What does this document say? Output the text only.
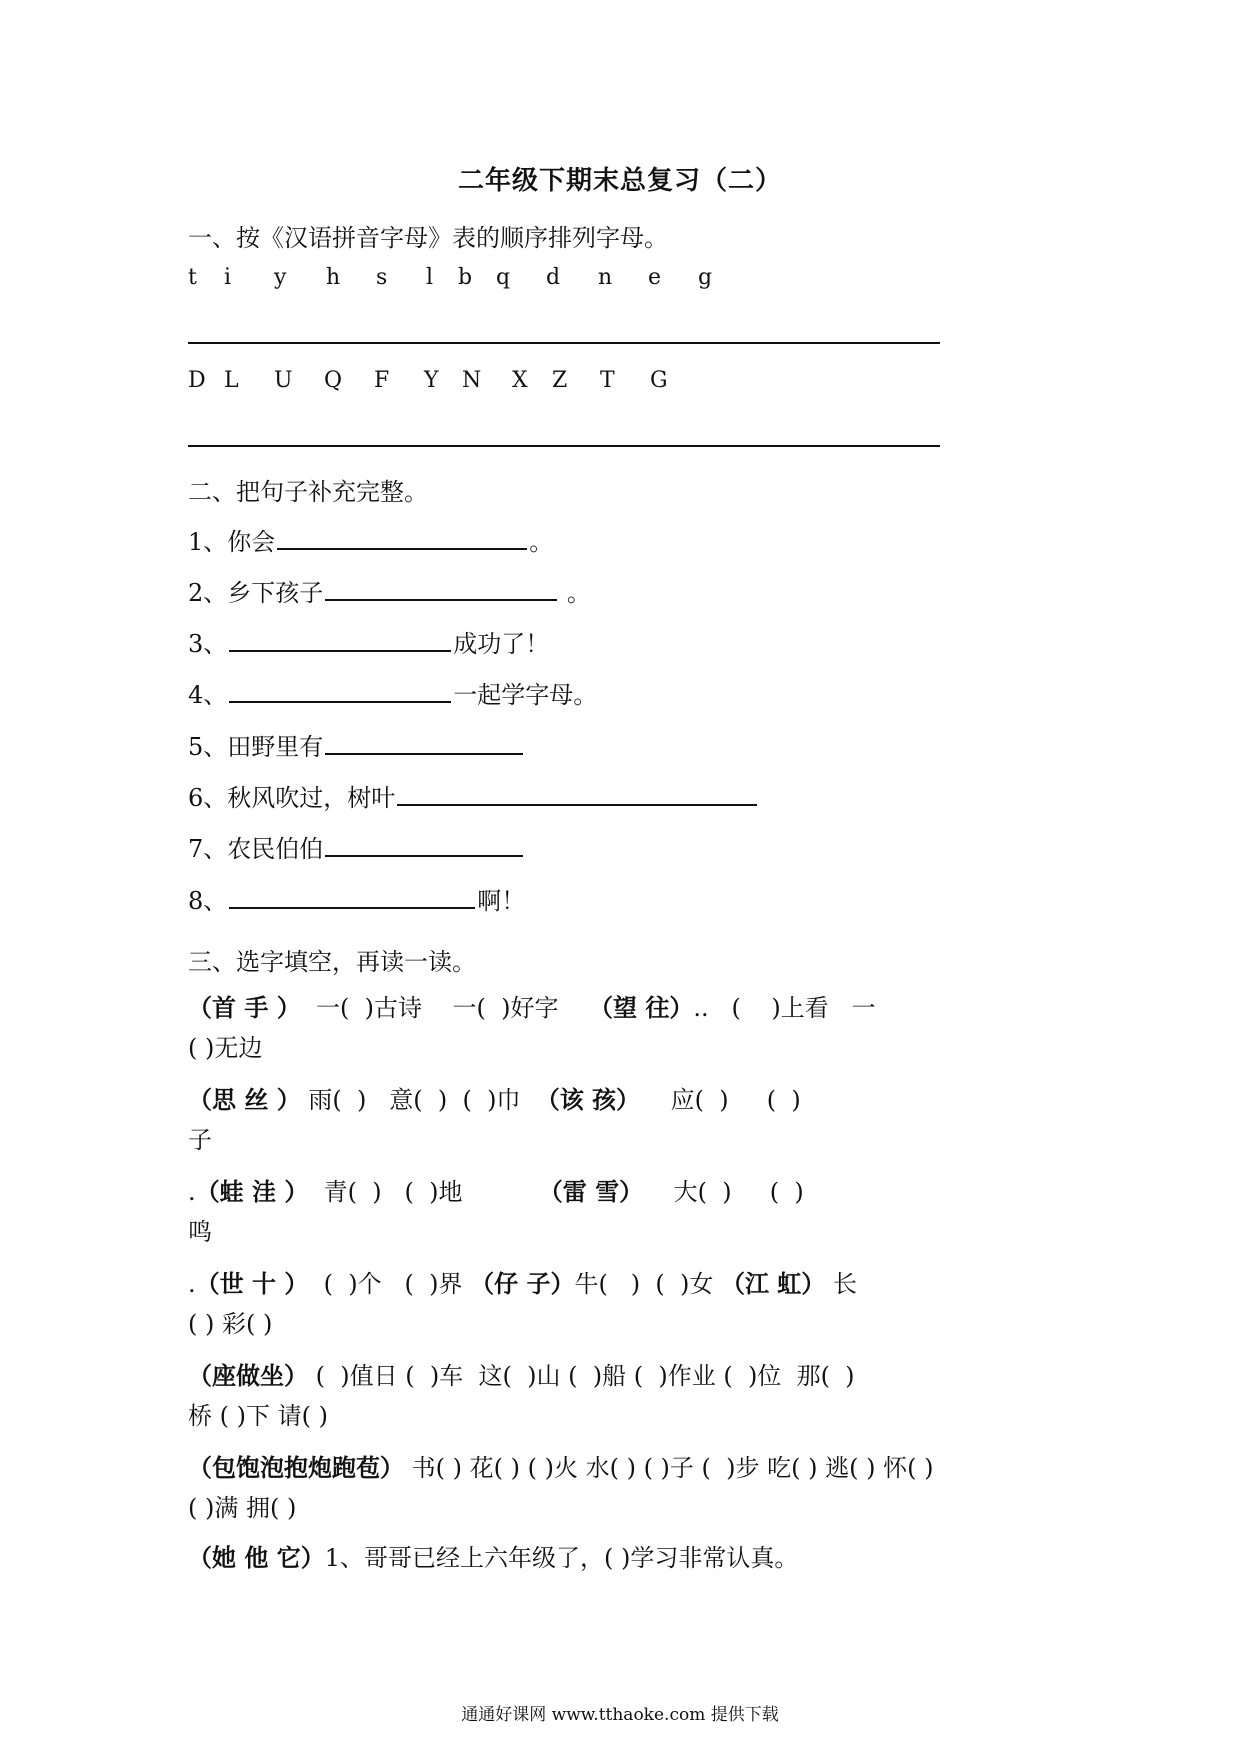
二年级下期末总复习（二）
一、按《汉语拼音字母》表的顺序排列字母。
t i y h s l b q d n e g
D L U Q F Y N X Z T G
二、把句子补充完整。
1、你会	。
2、乡下孩子	。
3、	成功了！
4、	一起学字母。
5、田野里有
6、秋风吹过，树叶
7、农民伯伯
8、	啊！
三、选字填空，再读一读。
（首 手 ）  一(  )古诗    一(  )好字    （望 往）..   (    )上看   一
( )无边
（思 丝 ） 雨(  )   意(  )  (  )巾  （该 孩）    应(  )     (  )
子
.（蛙 洼 ）  青(  )   (  )地          （雷 雪）    大(  )     (  )
鸣
.（世 十 ）  (  )个   (  )界 （仔 子）牛(   )  (  )女 （江 虹） 长
( ) 彩( )
（座做坐） (  )值日 (  )车  这(  )山 (  )船 (  )作业 (  )位  那(  )
桥 ( )下 请( )
（包饱泡抱炮跑苞） 书( ) 花( ) ( )火 水( ) ( )子 (  )步 吃( ) 逃( ) 怀( )
( )满 拥( )
（她 他 它）1、哥哥已经上六年级了，( )学习非常认真。
通通好课网 www.tthaoke.com 提供下载
